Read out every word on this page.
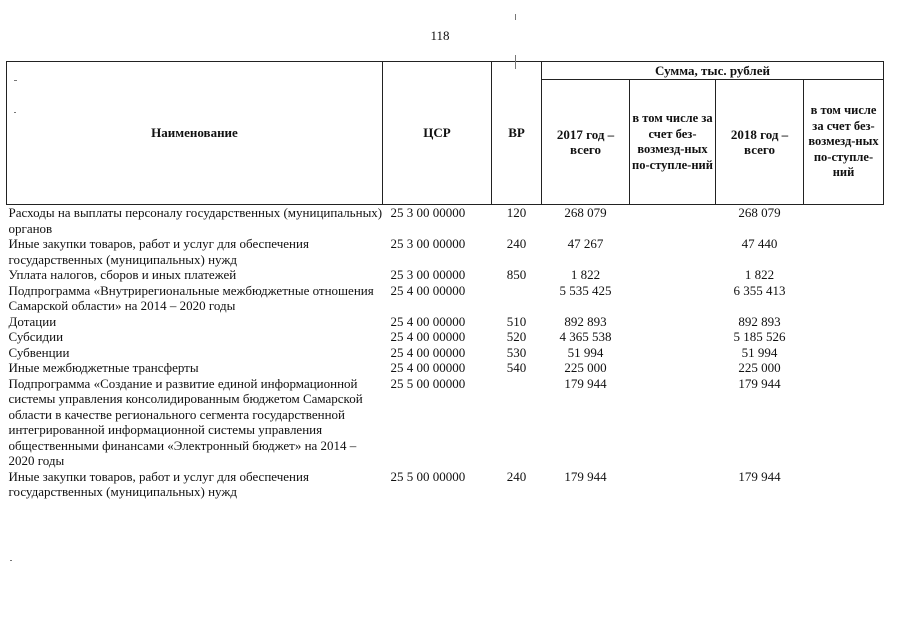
118
Наименование	ЦСР	ВР	Сумма, тыс. рублей			
			2017 год – всего	в том числе за счет без-возмезд-ных по-ступле-ний	2018 год – всего	в том числе за счет без-возмезд-ных по-ступле-ний
Расходы на выплаты персоналу государственных (муниципальных) органов	25 3 00 00000	120	268 079		268 079	
Иные закупки товаров, работ и услуг для обеспечения государственных (муниципальных) нужд	25 3 00 00000	240	47 267		47 440	
Уплата налогов, сборов и иных платежей	25 3 00 00000	850	1 822		1 822	
Подпрограмма «Внутрирегиональные межбюджетные отношения Самарской области» на 2014 – 2020 годы	25 4 00 00000		5 535 425		6 355 413	
Дотации	25 4 00 00000	510	892 893		892 893	
Субсидии	25 4 00 00000	520	4 365 538		5 185 526	
Субвенции	25 4 00 00000	530	51 994		51 994	
Иные межбюджетные трансферты	25 4 00 00000	540	225 000		225 000	
Подпрограмма «Создание и развитие единой информационной системы управления консолидированным бюджетом Самарской области в качестве регионального сегмента государственной интегрированной информационной системы управления общественными финансами «Электронный бюджет» на 2014 – 2020 годы	25 5 00 00000		179 944		179 944	
Иные закупки товаров, работ и услуг для обеспечения государственных (муниципальных) нужд	25 5 00 00000	240	179 944		179 944	
